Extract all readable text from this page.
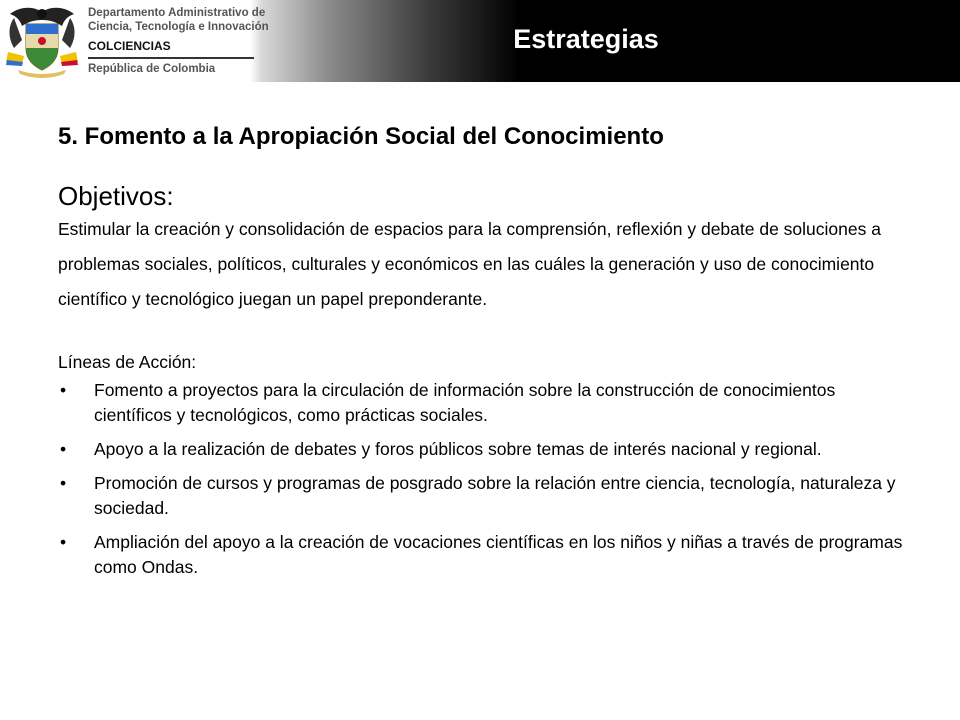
Departamento Administrativo de
Ciencia, Tecnología e Innovación
COLCIENCIAS
República de Colombia
Estrategias
5. Fomento a la Apropiación Social del Conocimiento
Objetivos:
Estimular la creación y consolidación de espacios para la comprensión, reflexión y debate de soluciones a problemas sociales, políticos, culturales y económicos en las cuáles la generación y uso de conocimiento científico y tecnológico juegan un papel preponderante.
Líneas de Acción:
• Fomento a proyectos para la circulación de información sobre la construcción de conocimientos científicos y tecnológicos, como prácticas sociales.
• Apoyo a la realización de debates y foros públicos sobre temas de interés nacional y regional.
• Promoción de cursos y programas de posgrado sobre la relación entre ciencia, tecnología, naturaleza y sociedad.
• Ampliación del apoyo a la creación de vocaciones científicas en los niños y niñas a través de programas como Ondas.
